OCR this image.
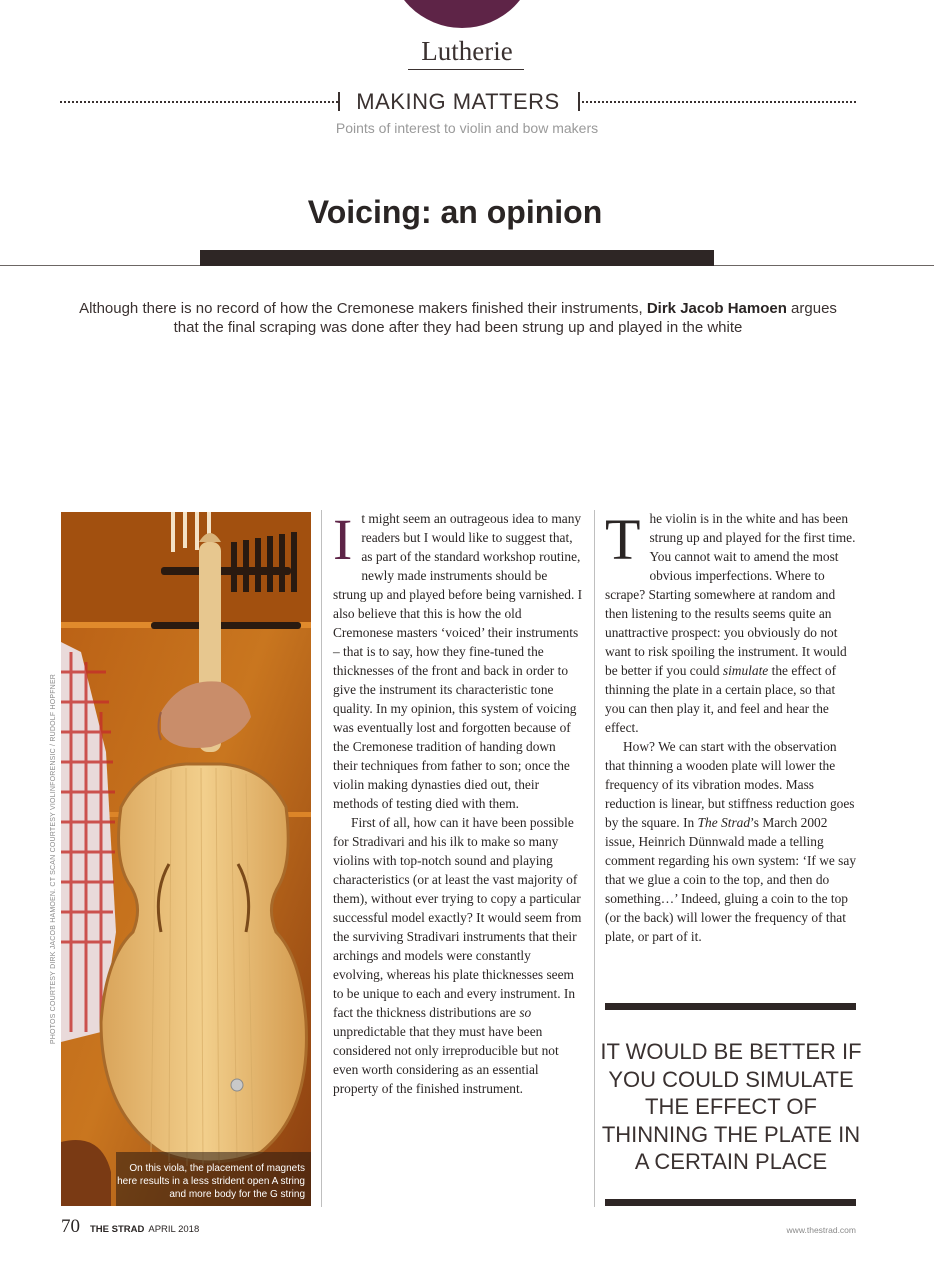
Lutherie
MAKING MATTERS
Points of interest to violin and bow makers
Voicing: an opinion

Although there is no record of how the Cremonese makers finished their instruments, Dirk Jacob Hamoen argues that the final scraping was done after they had been strung up and played in the white

PHOTOS COURTESY DIRK JACOB HAMOEN. CT SCAN COURTESY VIOLINFORENSIC / RUDOLF HOPFNER
On this viola, the placement of magnets here results in a less strident open A string and more body for the G string

It might seem an outrageous idea to many readers but I would like to suggest that, as part of the standard workshop routine, newly made instruments should be strung up and played before being varnished. I also believe that this is how the old Cremonese masters ‘voiced’ their instruments – that is to say, how they fine-tuned the thicknesses of the front and back in order to give the instrument its characteristic tone quality. In my opinion, this system of voicing was eventually lost and forgotten because of the Cremonese tradition of handing down their techniques from father to son; once the violin making dynasties died out, their methods of testing died with them.

First of all, how can it have been possible for Stradivari and his ilk to make so many violins with top-notch sound and playing characteristics (or at least the vast majority of them), without ever trying to copy a particular successful model exactly? It would seem from the surviving Stradivari instruments that their archings and models were constantly evolving, whereas his plate thicknesses seem to be unique to each and every instrument. In fact the thickness distributions are so unpredictable that they must have been considered not only irreproducible but not even worth considering as an essential property of the finished instrument.

The violin is in the white and has been strung up and played for the first time. You cannot wait to amend the most obvious imperfections. Where to scrape? Starting somewhere at random and then listening to the results seems quite an unattractive prospect: you obviously do not want to risk spoiling the instrument. It would be better if you could simulate the effect of thinning the plate in a certain place, so that you can then play it, and feel and hear the effect.

How? We can start with the observation that thinning a wooden plate will lower the frequency of its vibration modes. Mass reduction is linear, but stiffness reduction goes by the square. In The Strad’s March 2002 issue, Heinrich Dünnwald made a telling comment regarding his own system: ‘If we say that we glue a coin to the top, and then do something…’ Indeed, gluing a coin to the top (or the back) will lower the frequency of that plate, or part of it.

IT WOULD BE BETTER IF YOU COULD SIMULATE THE EFFECT OF THINNING THE PLATE IN A CERTAIN PLACE
70 THE STRAD APRIL 2018	www.thestrad.com
